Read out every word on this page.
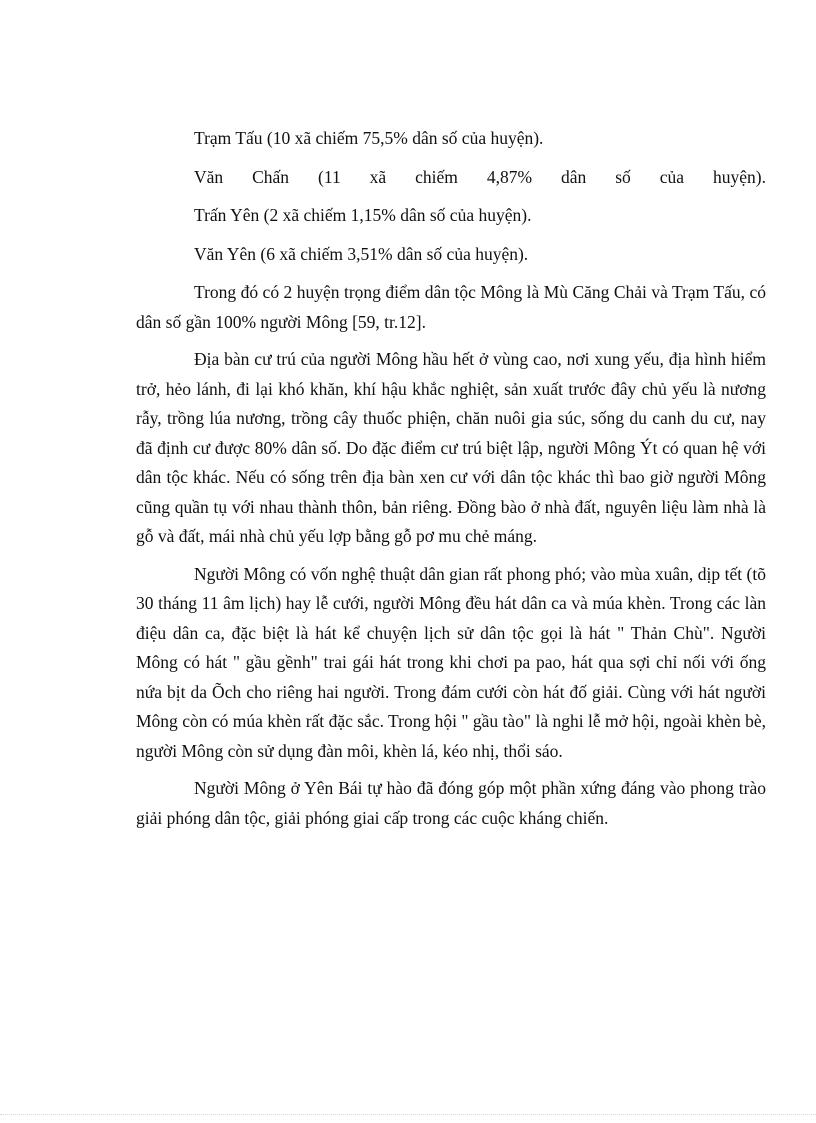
Trạm Tấu (10 xã chiếm 75,5% dân số của huyện).

Văn Chấn (11 xã chiếm 4,87% dân số của huyện).

Trấn Yên (2 xã chiếm 1,15% dân số của huyện).

Văn Yên (6 xã chiếm 3,51% dân số của huyện).

Trong đó có 2 huyện trọng điểm dân tộc Mông là Mù Căng Chải và Trạm Tấu, có dân số gần 100% người Mông [59, tr.12].

Địa bàn cư trú của người Mông hầu hết ở vùng cao, nơi xung yếu, địa hình hiểm trở, hẻo lánh, đi lại khó khăn, khí hậu khắc nghiệt, sản xuất trước đây chủ yếu là nương rẫy, trồng lúa nương, trồng cây thuốc phiện, chăn nuôi gia súc, sống du canh du cư, nay đã định cư được 80% dân số. Do đặc điểm cư trú biệt lập, người Mông Ýt có quan hệ với dân tộc khác. Nếu có sống trên địa bàn xen cư với dân tộc khác thì bao giờ người Mông cũng quần tụ với nhau thành thôn, bản riêng. Đồng bào ở nhà đất, nguyên liệu làm nhà là gỗ và đất, mái nhà chủ yếu lợp bằng gỗ pơ mu chẻ máng.

Người Mông có vốn nghệ thuật dân gian rất phong phó; vào mùa xuân, dịp tết (tõ 30 tháng 11 âm lịch) hay lễ cưới, người Mông đều hát dân ca và múa khèn. Trong các làn điệu dân ca, đặc biệt là hát kể chuyện lịch sử dân tộc gọi là hát " Thản Chù". Người Mông có hát " gầu gềnh" trai gái hát trong khi chơi pa pao, hát qua sợi chỉ nối với ống nứa bịt da Õch cho riêng hai người. Trong đám cưới còn hát đố giải. Cùng với hát người Mông còn có múa khèn rất đặc sắc. Trong hội " gầu tào" là nghi lễ mở hội, ngoài khèn bè, người Mông còn sử dụng đàn môi, khèn lá, kéo nhị, thổi sáo.

Người Mông ở Yên Bái tự hào đã đóng góp một phần xứng đáng vào phong trào giải phóng dân tộc, giải phóng giai cấp trong các cuộc kháng chiến.
